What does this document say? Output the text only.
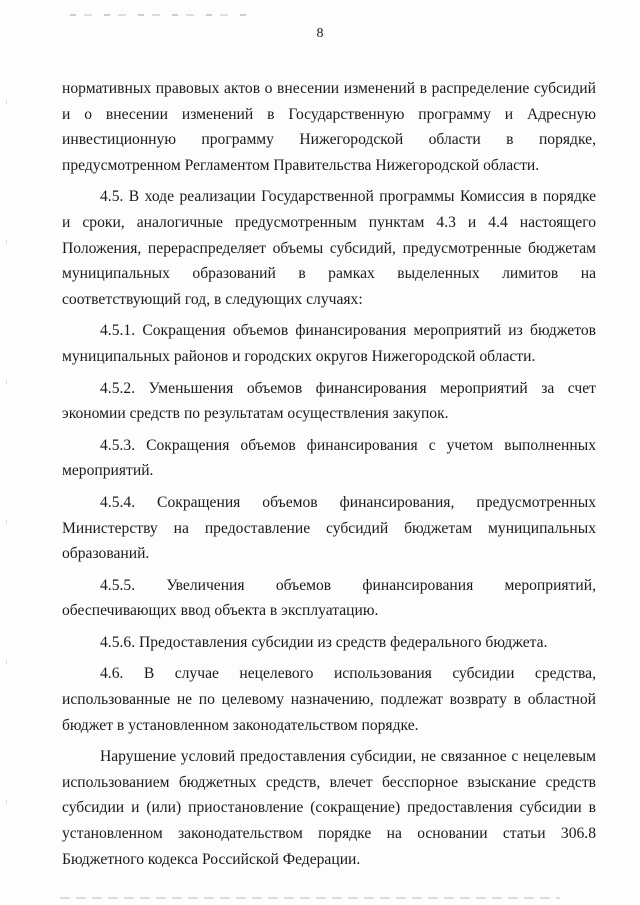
8

нормативных правовых актов о внесении изменений в распределение субсидий и о внесении изменений в Государственную программу и Адресную инвестиционную программу Нижегородской области в порядке, предусмотренном Регламентом Правительства Нижегородской области.

4.5. В ходе реализации Государственной программы Комиссия в порядке и сроки, аналогичные предусмотренным пунктам 4.3 и 4.4 настоящего Положения, перераспределяет объемы субсидий, предусмотренные бюджетам муниципальных образований в рамках выделенных лимитов на соответствующий год, в следующих случаях:

4.5.1. Сокращения объемов финансирования мероприятий из бюджетов муниципальных районов и городских округов Нижегородской области.

4.5.2. Уменьшения объемов финансирования мероприятий за счет экономии средств по результатам осуществления закупок.

4.5.3. Сокращения объемов финансирования с учетом выполненных мероприятий.

4.5.4. Сокращения объемов финансирования, предусмотренных Министерству на предоставление субсидий бюджетам муниципальных образований.

4.5.5. Увеличения объемов финансирования мероприятий, обеспечивающих ввод объекта в эксплуатацию.

4.5.6. Предоставления субсидии из средств федерального бюджета.

4.6. В случае нецелевого использования субсидии средства, использованные не по целевому назначению, подлежат возврату в областной бюджет в установленном законодательством порядке.

Нарушение условий предоставления субсидии, не связанное с нецелевым использованием бюджетных средств, влечет бесспорное взыскание средств субсидии и (или) приостановление (сокращение) предоставления субсидии в установленном законодательством порядке на основании статьи 306.8 Бюджетного кодекса Российской Федерации.
